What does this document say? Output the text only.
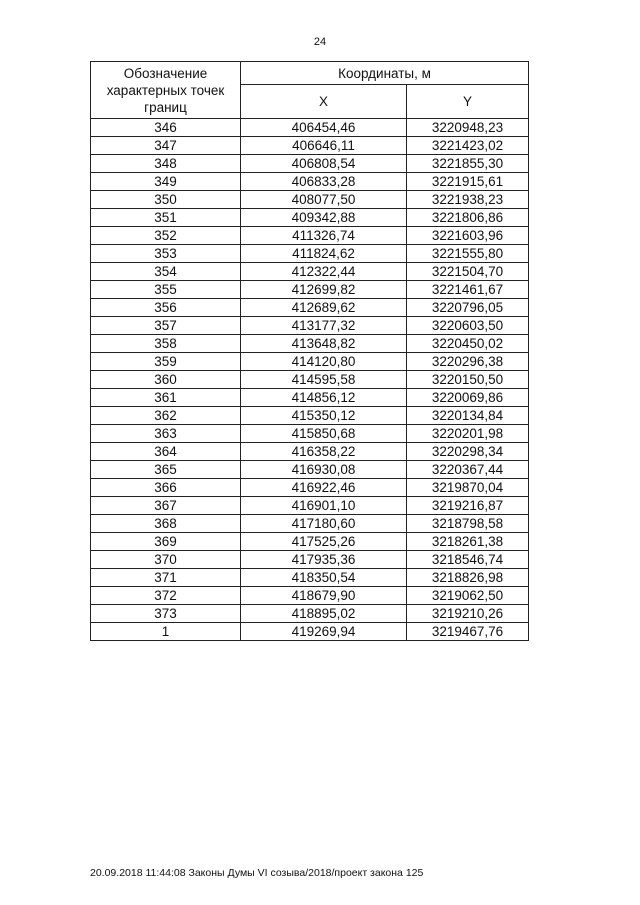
24
Обозначение характерных точек границ	Координаты, м	
	X	Y
346	406454,46	3220948,23
347	406646,11	3221423,02
348	406808,54	3221855,30
349	406833,28	3221915,61
350	408077,50	3221938,23
351	409342,88	3221806,86
352	411326,74	3221603,96
353	411824,62	3221555,80
354	412322,44	3221504,70
355	412699,82	3221461,67
356	412689,62	3220796,05
357	413177,32	3220603,50
358	413648,82	3220450,02
359	414120,80	3220296,38
360	414595,58	3220150,50
361	414856,12	3220069,86
362	415350,12	3220134,84
363	415850,68	3220201,98
364	416358,22	3220298,34
365	416930,08	3220367,44
366	416922,46	3219870,04
367	416901,10	3219216,87
368	417180,60	3218798,58
369	417525,26	3218261,38
370	417935,36	3218546,74
371	418350,54	3218826,98
372	418679,90	3219062,50
373	418895,02	3219210,26
1	419269,94	3219467,76
20.09.2018 11:44:08 Законы Думы VI созыва/2018/проект закона 125
